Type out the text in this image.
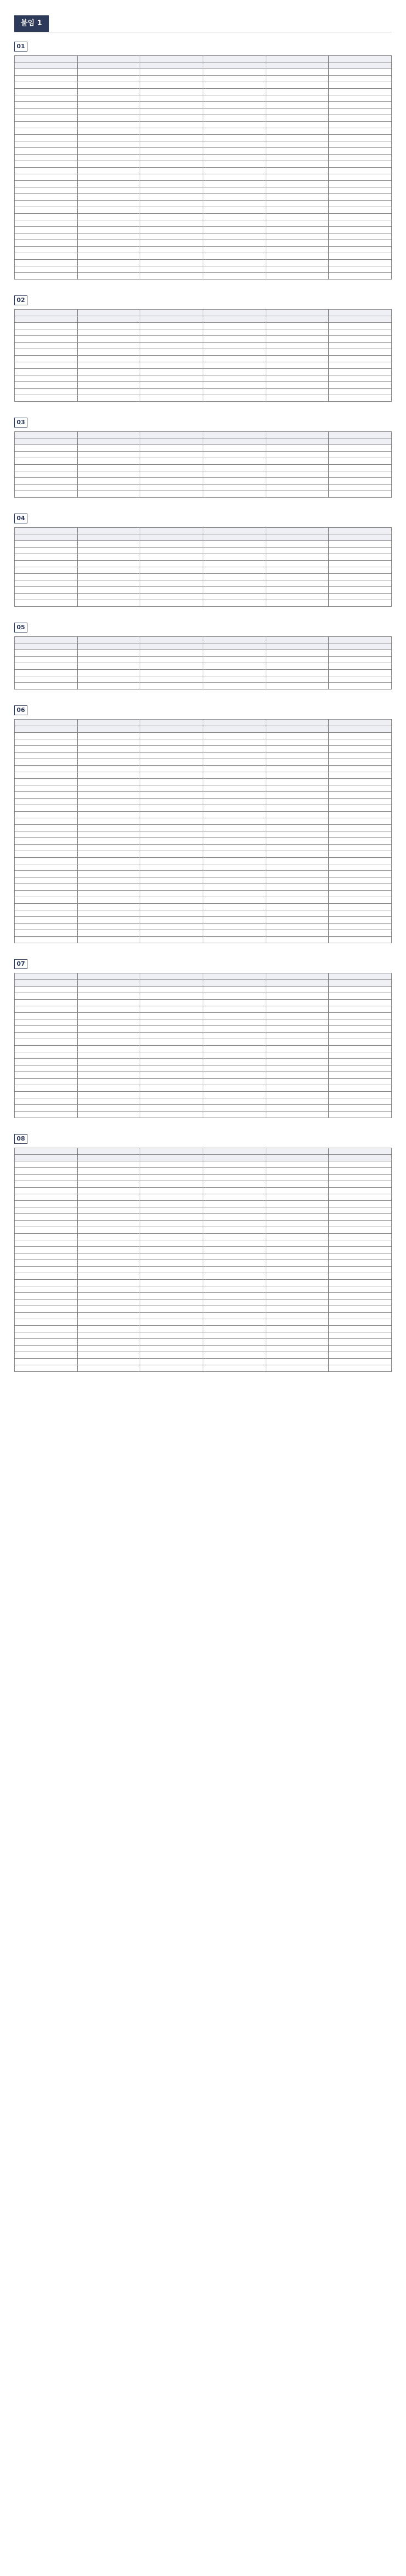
붙임 1
01

02

03

04

05

06

07

08
